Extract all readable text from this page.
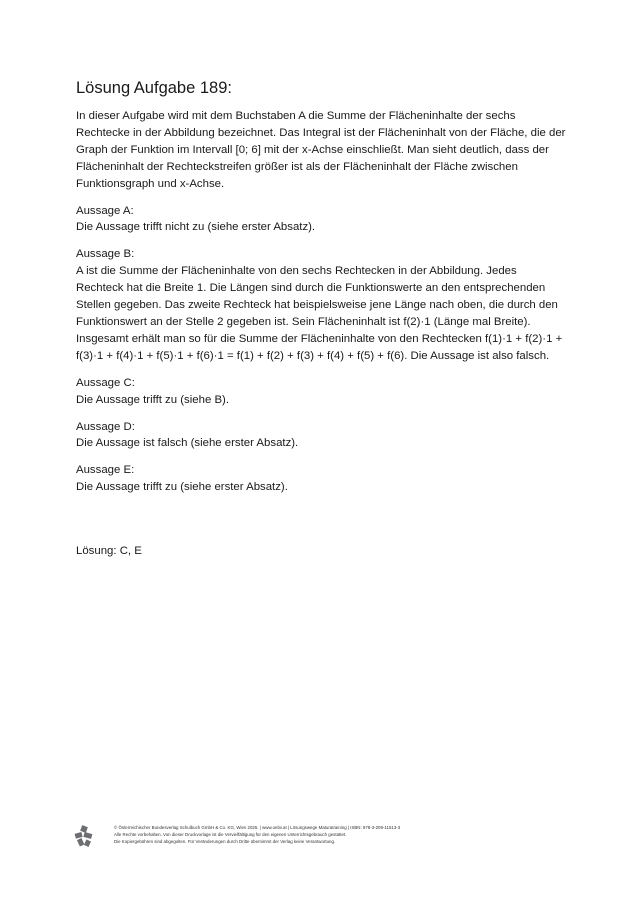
Lösung Aufgabe 189:

In dieser Aufgabe wird mit dem Buchstaben A die Summe der Flächeninhalte der sechs Rechtecke in der Abbildung bezeichnet. Das Integral ist der Flächeninhalt von der Fläche, die der Graph der Funktion im Intervall [0; 6] mit der x-Achse einschließt. Man sieht deutlich, dass der Flächeninhalt der Rechteckstreifen größer ist als der Flächeninhalt der Fläche zwischen Funktionsgraph und x-Achse.

Aussage A:

Die Aussage trifft nicht zu (siehe erster Absatz).

Aussage B:

A ist die Summe der Flächeninhalte von den sechs Rechtecken in der Abbildung. Jedes Rechteck hat die Breite 1. Die Längen sind durch die Funktionswerte an den entsprechenden Stellen gegeben. Das zweite Rechteck hat beispielsweise jene Länge nach oben, die durch den Funktionswert an der Stelle 2 gegeben ist. Sein Flächeninhalt ist f(2)·1 (Länge mal Breite). Insgesamt erhält man so für die Summe der Flächeninhalte von den Rechtecken f(1)·1 + f(2)·1 + f(3)·1 + f(4)·1 + f(5)·1 + f(6)·1 = f(1) + f(2) + f(3) + f(4) + f(5) + f(6). Die Aussage ist also falsch.

Aussage C:

Die Aussage trifft zu (siehe B).

Aussage D:

Die Aussage ist falsch (siehe erster Absatz).

Aussage E:

Die Aussage trifft zu (siehe erster Absatz).

Lösung: C, E

© Österreichischer Bundesverlag Schulbuch GmbH & Co. KG, Wien 2025. | www.oebv.at | Lösungswege Maturatraining | ISBN: 978-3-209-11513-3
Alle Rechte vorbehalten. Von dieser Druckvorlage ist die Vervielfältigung für den eigenen Unterrichtsgebrauch gestattet.
Die Kopiergebühren sind abgegolten. Für Veränderungen durch Dritte übernimmt der Verlag keine Verantwortung.
